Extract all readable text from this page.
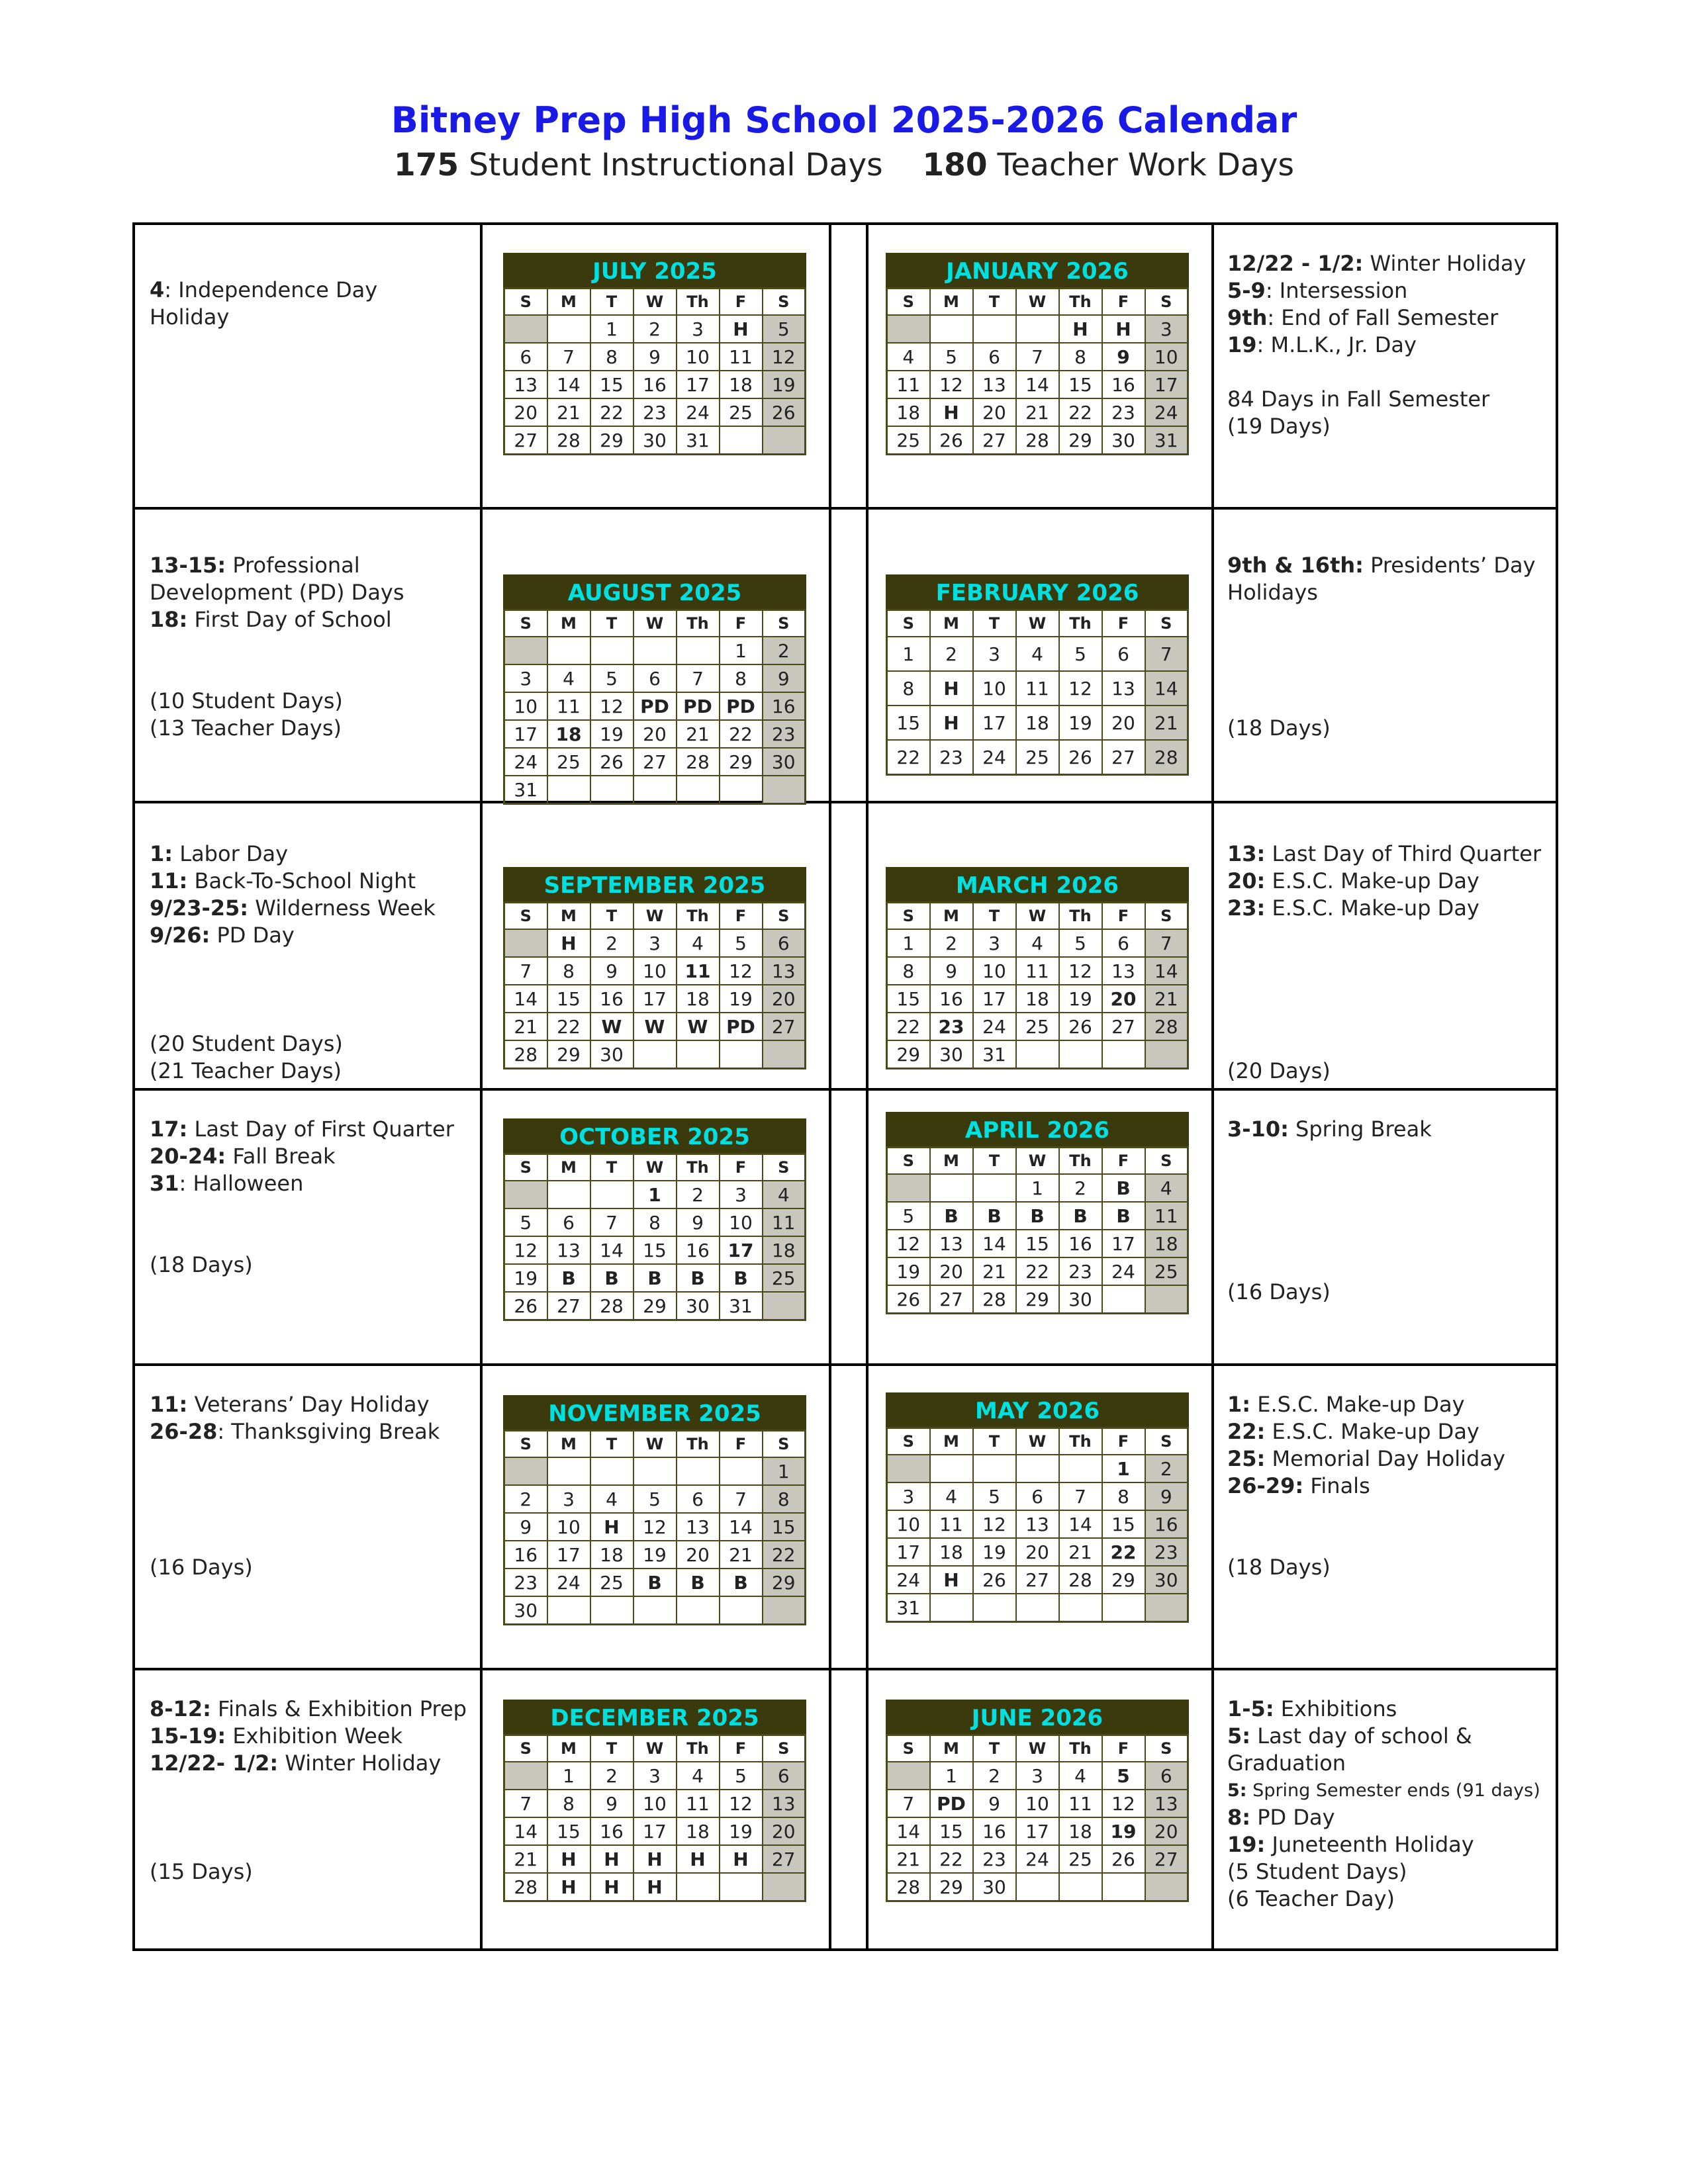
Bitney Prep High School 2025-2026 Calendar
175 Student Instructional Days 180 Teacher Work Days
4: Independence Day
Holiday
12/22 - 1/2: Winter Holiday
5-9: Intersession
9th: End of Fall Semester
19: M.L.K., Jr. Day
84 Days in Fall Semester
(19 Days)
JULY 2025
S	M	T	W	Th	F	S
		1	2	3	H	5
6	7	8	9	10	11	12
13	14	15	16	17	18	19
20	21	22	23	24	25	26
27	28	29	30	31		
JANUARY 2026
S	M	T	W	Th	F	S
				H	H	3
4	5	6	7	8	9	10
11	12	13	14	15	16	17
18	H	20	21	22	23	24
25	26	27	28	29	30	31
13-15: Professional
Development (PD) Days
18: First Day of School
(10 Student Days)
(13 Teacher Days)
9th & 16th: Presidents’ Day
Holidays
(18 Days)
AUGUST 2025
S	M	T	W	Th	F	S
					1	2
3	4	5	6	7	8	9
10	11	12	PD	PD	PD	16
17	18	19	20	21	22	23
24	25	26	27	28	29	30
31						
FEBRUARY 2026
S	M	T	W	Th	F	S
1	2	3	4	5	6	7
8	H	10	11	12	13	14
15	H	17	18	19	20	21
22	23	24	25	26	27	28
1: Labor Day
11: Back-To-School Night
9/23-25: Wilderness Week
9/26: PD Day
(20 Student Days)
(21 Teacher Days)
13: Last Day of Third Quarter
20: E.S.C. Make-up Day
23: E.S.C. Make-up Day
(20 Days)
SEPTEMBER 2025
S	M	T	W	Th	F	S
	H	2	3	4	5	6
7	8	9	10	11	12	13
14	15	16	17	18	19	20
21	22	W	W	W	PD	27
28	29	30				
MARCH 2026
S	M	T	W	Th	F	S
1	2	3	4	5	6	7
8	9	10	11	12	13	14
15	16	17	18	19	20	21
22	23	24	25	26	27	28
29	30	31				
17: Last Day of First Quarter
20-24: Fall Break
31: Halloween
(18 Days)
3-10: Spring Break
(16 Days)
OCTOBER 2025
S	M	T	W	Th	F	S
			1	2	3	4
5	6	7	8	9	10	11
12	13	14	15	16	17	18
19	B	B	B	B	B	25
26	27	28	29	30	31	
APRIL 2026
S	M	T	W	Th	F	S
			1	2	B	4
5	B	B	B	B	B	11
12	13	14	15	16	17	18
19	20	21	22	23	24	25
26	27	28	29	30		
11: Veterans’ Day Holiday
26-28: Thanksgiving Break
(16 Days)
1: E.S.C. Make-up Day
22: E.S.C. Make-up Day
25: Memorial Day Holiday
26-29: Finals
(18 Days)
NOVEMBER 2025
S	M	T	W	Th	F	S
						1
2	3	4	5	6	7	8
9	10	H	12	13	14	15
16	17	18	19	20	21	22
23	24	25	B	B	B	29
30						
MAY 2026
S	M	T	W	Th	F	S
					1	2
3	4	5	6	7	8	9
10	11	12	13	14	15	16
17	18	19	20	21	22	23
24	H	26	27	28	29	30
31						
8-12: Finals & Exhibition Prep
15-19: Exhibition Week
12/22- 1/2: Winter Holiday
(15 Days)
1-5: Exhibitions
5: Last day of school &
Graduation
5: Spring Semester ends (91 days)
8: PD Day
19: Juneteenth Holiday
(5 Student Days)
(6 Teacher Day)
DECEMBER 2025
S	M	T	W	Th	F	S
	1	2	3	4	5	6
7	8	9	10	11	12	13
14	15	16	17	18	19	20
21	H	H	H	H	H	27
28	H	H	H			
JUNE 2026
S	M	T	W	Th	F	S
	1	2	3	4	5	6
7	PD	9	10	11	12	13
14	15	16	17	18	19	20
21	22	23	24	25	26	27
28	29	30				
